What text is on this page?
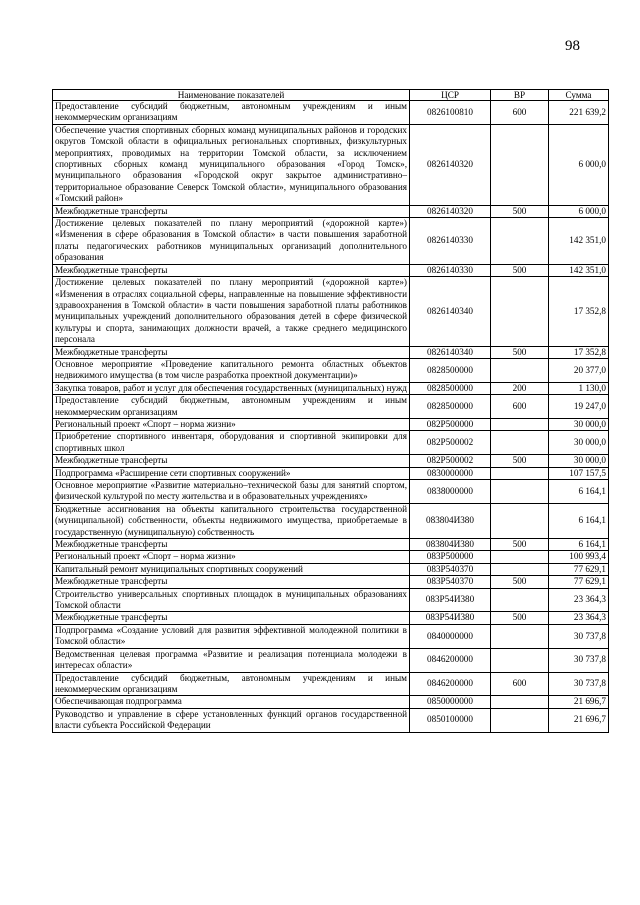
98
Наименование показателей	ЦСР	ВР	Сумма
Предоставление субсидий бюджетным, автономным учреждениям и иным некоммерческим организациям	0826100810	600	221 639,2
Обеспечение участия спортивных сборных команд муниципальных районов и городских округов Томской области в официальных региональных спортивных, физкультурных мероприятиях, проводимых на территории Томской области, за исключением спортивных сборных команд муниципального образования «Город Томск», муниципального образования «Городской округ закрытое административно–территориальное образование Северск Томской области», муниципального образования «Томский район»	0826140320		6 000,0
Межбюджетные трансферты	0826140320	500	6 000,0
Достижение целевых показателей по плану мероприятий («дорожной карте») «Изменения в сфере образования в Томской области» в части повышения заработной платы педагогических работников муниципальных организаций дополнительного образования	0826140330		142 351,0
Межбюджетные трансферты	0826140330	500	142 351,0
Достижение целевых показателей по плану мероприятий («дорожной карте») «Изменения в отраслях социальной сферы, направленные на повышение эффективности здравоохранения в Томской области» в части повышения заработной платы работников муниципальных учреждений дополнительного образования детей в сфере физической культуры и спорта, занимающих должности врачей, а также среднего медицинского персонала	0826140340		17 352,8
Межбюджетные трансферты	0826140340	500	17 352,8
Основное мероприятие «Проведение капитального ремонта областных объектов недвижимого имущества (в том числе разработка проектной документации)»	0828500000		20 377,0
Закупка товаров, работ и услуг для обеспечения государственных (муниципальных) нужд	0828500000	200	1 130,0
Предоставление субсидий бюджетным, автономным учреждениям и иным некоммерческим организациям	0828500000	600	19 247,0
Региональный проект «Спорт – норма жизни»	082P500000		30 000,0
Приобретение спортивного инвентаря, оборудования и спортивной экипировки для спортивных школ	082P500002		30 000,0
Межбюджетные трансферты	082P500002	500	30 000,0
Подпрограмма «Расширение сети спортивных сооружений»	0830000000		107 157,5
Основное мероприятие «Развитие материально–технической базы для занятий спортом, физической культурой по месту жительства и в образовательных учреждениях»	0838000000		6 164,1
Бюджетные ассигнования на объекты капитального строительства государственной (муниципальной) собственности, объекты недвижимого имущества, приобретаемые в государственную (муниципальную) собственность	083804И380		6 164,1
Межбюджетные трансферты	083804И380	500	6 164,1
Региональный проект «Спорт – норма жизни»	083P500000		100 993,4
Капитальный ремонт муниципальных спортивных сооружений	083P540370		77 629,1
Межбюджетные трансферты	083P540370	500	77 629,1
Строительство универсальных спортивных площадок в муниципальных образованиях Томской области	083P54И380		23 364,3
Межбюджетные трансферты	083P54И380	500	23 364,3
Подпрограмма «Создание условий для развития эффективной молодежной политики в Томской области»	0840000000		30 737,8
Ведомственная целевая программа «Развитие и реализация потенциала молодежи в интересах области»	0846200000		30 737,8
Предоставление субсидий бюджетным, автономным учреждениям и иным некоммерческим организациям	0846200000	600	30 737,8
Обеспечивающая подпрограмма	0850000000		21 696,7
Руководство и управление в сфере установленных функций органов государственной власти субъекта Российской Федерации	0850100000		21 696,7
